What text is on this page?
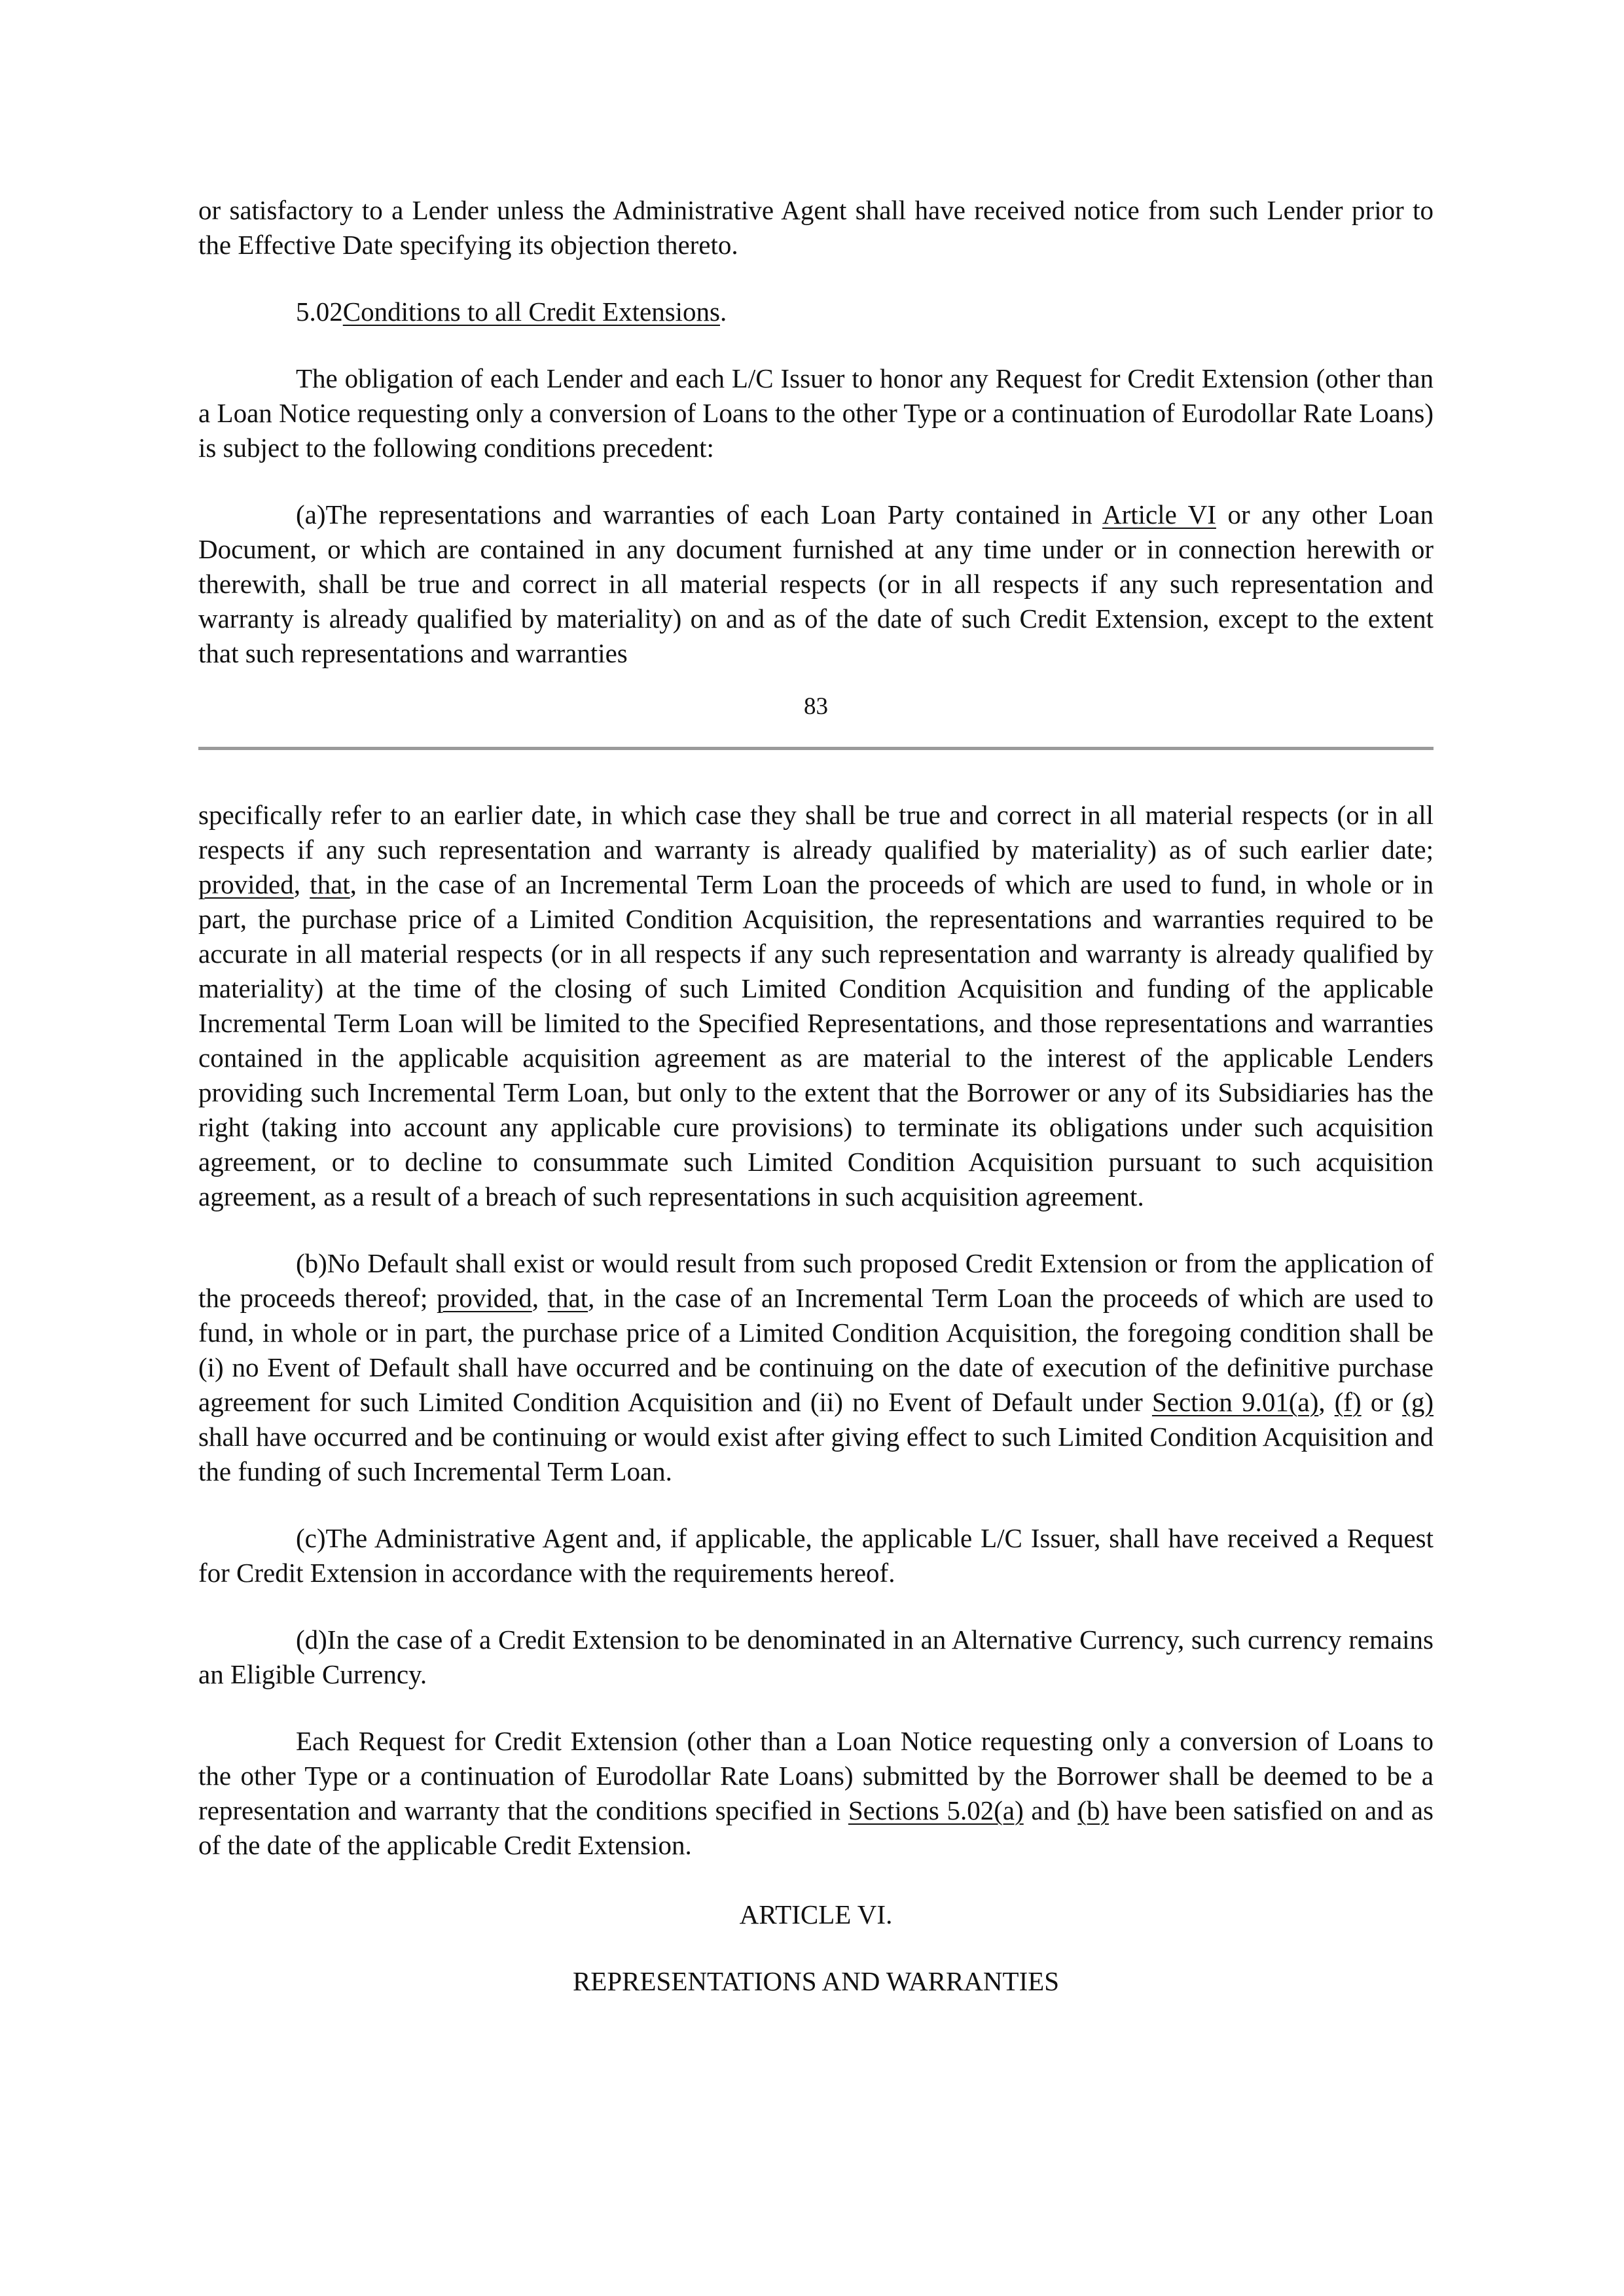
or satisfactory to a Lender unless the Administrative Agent shall have received notice from such Lender prior to the Effective Date specifying its objection thereto.

5.02Conditions to all Credit Extensions.

The obligation of each Lender and each L/C Issuer to honor any Request for Credit Extension (other than a Loan Notice requesting only a conversion of Loans to the other Type or a continuation of Eurodollar Rate Loans) is subject to the following conditions precedent:

(a)The representations and warranties of each Loan Party contained in Article VI or any other Loan Document, or which are contained in any document furnished at any time under or in connection herewith or therewith, shall be true and correct in all material respects (or in all respects if any such representation and warranty is already qualified by materiality) on and as of the date of such Credit Extension, except to the extent that such representations and warranties

83

specifically refer to an earlier date, in which case they shall be true and correct in all material respects (or in all respects if any such representation and warranty is already qualified by materiality) as of such earlier date; provided, that, in the case of an Incremental Term Loan the proceeds of which are used to fund, in whole or in part, the purchase price of a Limited Condition Acquisition, the representations and warranties required to be accurate in all material respects (or in all respects if any such representation and warranty is already qualified by materiality) at the time of the closing of such Limited Condition Acquisition and funding of the applicable Incremental Term Loan will be limited to the Specified Representations, and those representations and warranties contained in the applicable acquisition agreement as are material to the interest of the applicable Lenders providing such Incremental Term Loan, but only to the extent that the Borrower or any of its Subsidiaries has the right (taking into account any applicable cure provisions) to terminate its obligations under such acquisition agreement, or to decline to consummate such Limited Condition Acquisition pursuant to such acquisition agreement, as a result of a breach of such representations in such acquisition agreement.

(b)No Default shall exist or would result from such proposed Credit Extension or from the application of the proceeds thereof; provided, that, in the case of an Incremental Term Loan the proceeds of which are used to fund, in whole or in part, the purchase price of a Limited Condition Acquisition, the foregoing condition shall be (i) no Event of Default shall have occurred and be continuing on the date of execution of the definitive purchase agreement for such Limited Condition Acquisition and (ii) no Event of Default under Section 9.01(a), (f) or (g) shall have occurred and be continuing or would exist after giving effect to such Limited Condition Acquisition and the funding of such Incremental Term Loan.

(c)The Administrative Agent and, if applicable, the applicable L/C Issuer, shall have received a Request for Credit Extension in accordance with the requirements hereof.

(d)In the case of a Credit Extension to be denominated in an Alternative Currency, such currency remains an Eligible Currency.

Each Request for Credit Extension (other than a Loan Notice requesting only a conversion of Loans to the other Type or a continuation of Eurodollar Rate Loans) submitted by the Borrower shall be deemed to be a representation and warranty that the conditions specified in Sections 5.02(a) and (b) have been satisfied on and as of the date of the applicable Credit Extension.

ARTICLE VI.

REPRESENTATIONS AND WARRANTIES
